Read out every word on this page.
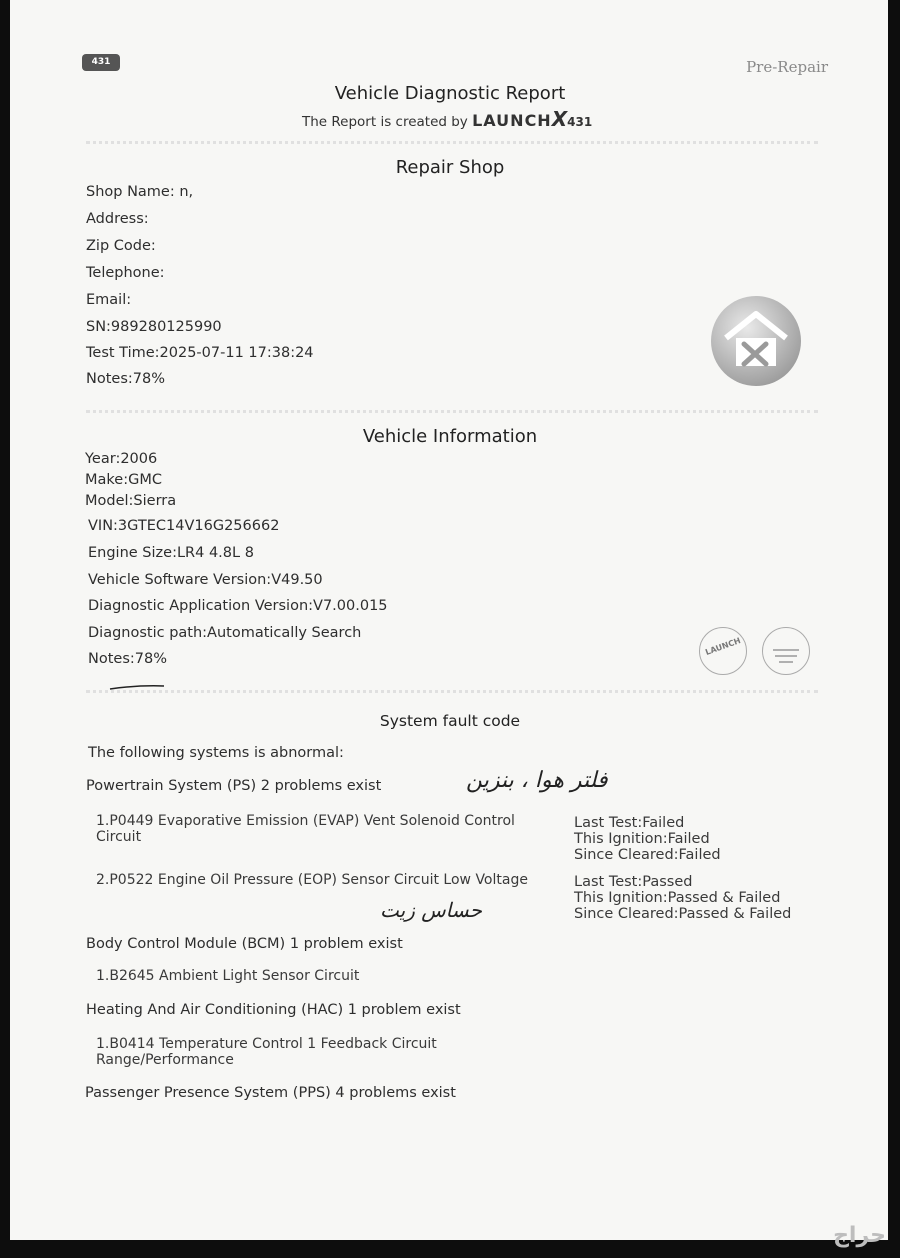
431	Pre-Repair
Vehicle Diagnostic Report
The Report is created by LAUNCHX431
Repair Shop
Shop Name: n,
Address:
Zip Code:
Telephone:
Email:
SN:989280125990
Test Time:2025-07-11 17:38:24
Notes:78%
Vehicle Information
Year:2006
Make:GMC
Model:Sierra
VIN:3GTEC14V16G256662
Engine Size:LR4 4.8L 8
Vehicle Software Version:V49.50
Diagnostic Application Version:V7.00.015
Diagnostic path:Automatically Search
Notes:78%
LAUNCH
System fault code
The following systems is abnormal:
Powertrain System (PS) 2 problems exist	فلتر هوا ، بنزين
1.P0449 Evaporative Emission (EVAP) Vent Solenoid Control Circuit
Last Test:Failed
This Ignition:Failed
Since Cleared:Failed
2.P0522 Engine Oil Pressure (EOP) Sensor Circuit Low Voltage
حساس زيت
Last Test:Passed
This Ignition:Passed & Failed
Since Cleared:Passed & Failed
Body Control Module (BCM) 1 problem exist
1.B2645 Ambient Light Sensor Circuit
Heating And Air Conditioning (HAC) 1 problem exist
1.B0414 Temperature Control 1 Feedback Circuit Range/Performance
Passenger Presence System (PPS) 4 problems exist
حراج
